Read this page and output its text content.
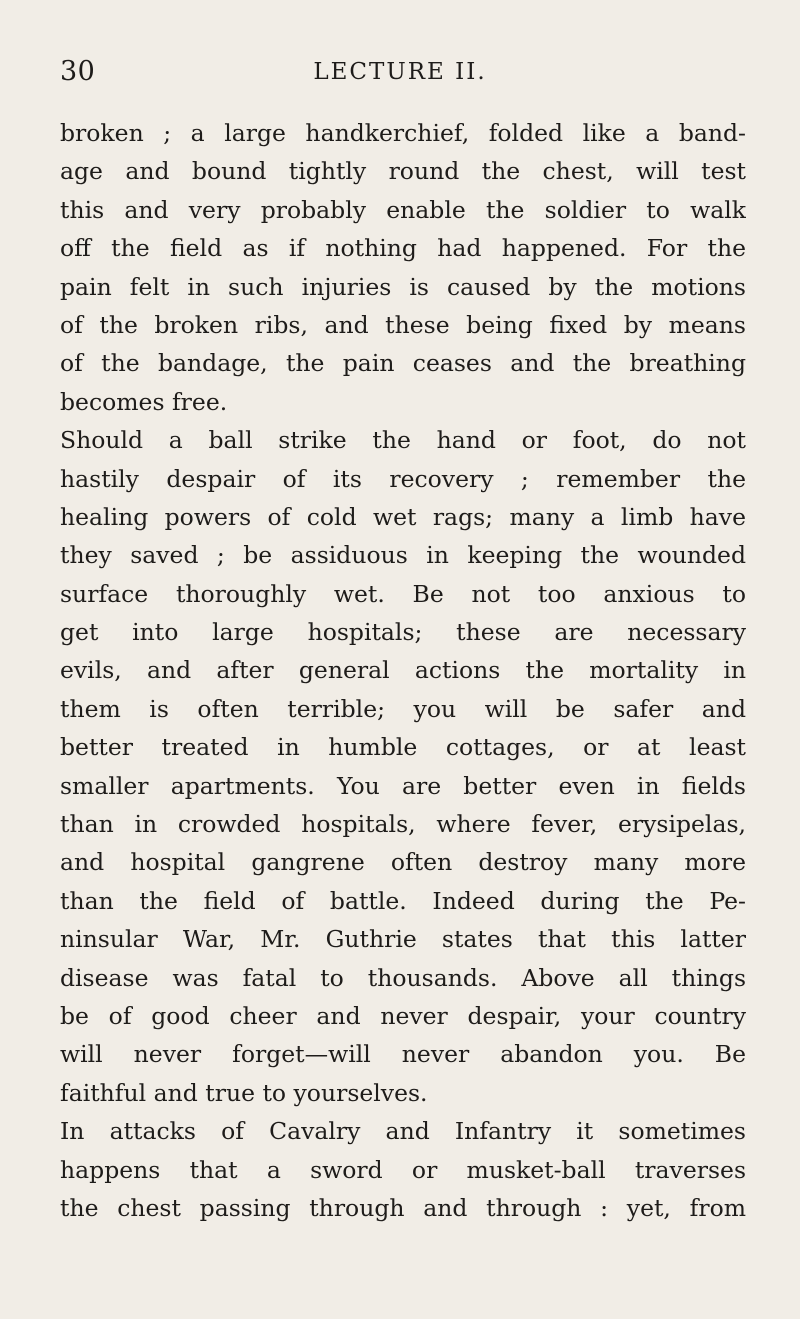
30	LECTURE II.
broken ; a large handkerchief, folded like a band-
age and bound tightly round the chest, will test
this and very probably enable the soldier to walk
off the field as if nothing had happened. For the
pain felt in such injuries is caused by the motions
of the broken ribs, and these being fixed by means
of the bandage, the pain ceases and the breathing
becomes free.
Should a ball strike the hand or foot, do not
hastily despair of its recovery ; remember the
healing powers of cold wet rags; many a limb have
they saved ; be assiduous in keeping the wounded
surface thoroughly wet. Be not too anxious to
get into large hospitals; these are necessary
evils, and after general actions the mortality in
them is often terrible; you will be safer and
better treated in humble cottages, or at least
smaller apartments. You are better even in fields
than in crowded hospitals, where fever, erysipelas,
and hospital gangrene often destroy many more
than the field of battle. Indeed during the Pe-
ninsular War, Mr. Guthrie states that this latter
disease was fatal to thousands. Above all things
be of good cheer and never despair, your country
will never forget—will never abandon you. Be
faithful and true to yourselves.
In attacks of Cavalry and Infantry it sometimes
happens that a sword or musket-ball traverses
the chest passing through and through : yet, from
